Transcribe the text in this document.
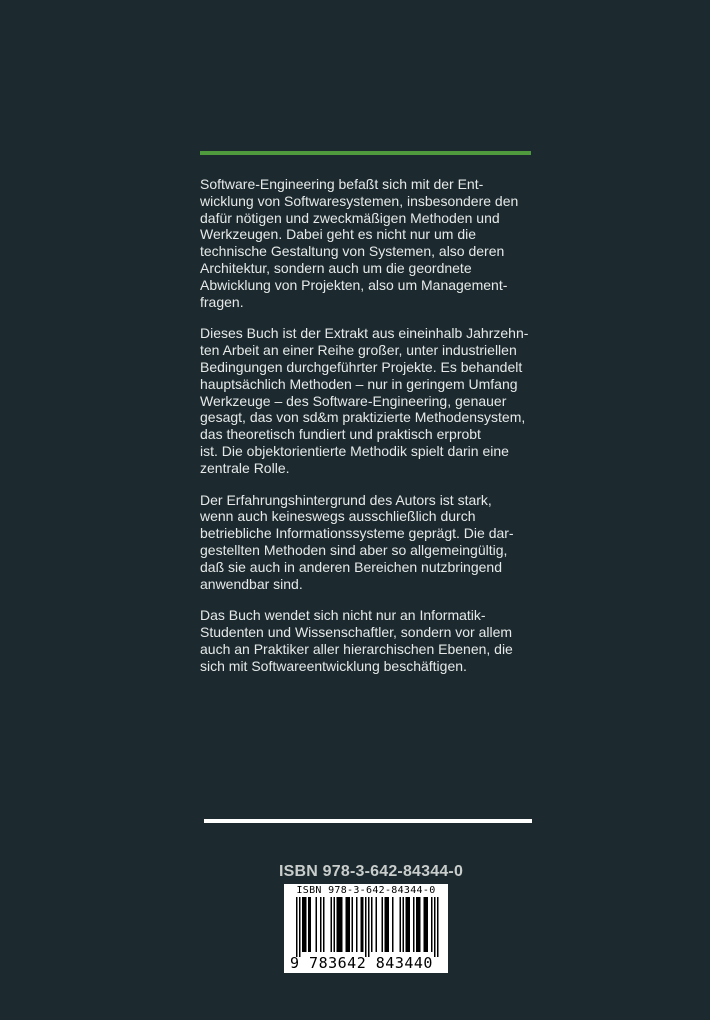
Software-Engineering befaßt sich mit der Ent-
wicklung von Softwaresystemen, insbesondere den
dafür nötigen und zweckmäßigen Methoden und
Werkzeugen. Dabei geht es nicht nur um die
technische Gestaltung von Systemen, also deren
Architektur, sondern auch um die geordnete
Abwicklung von Projekten, also um Management-
fragen.

Dieses Buch ist der Extrakt aus eineinhalb Jahrzehn-
ten Arbeit an einer Reihe großer, unter industriellen
Bedingungen durchgeführter Projekte. Es behandelt
hauptsächlich Methoden – nur in geringem Umfang
Werkzeuge – des Software-Engineering, genauer
gesagt, das von sd&m praktizierte Methodensystem,
das theoretisch fundiert und praktisch erprobt
ist. Die objektorientierte Methodik spielt darin eine
zentrale Rolle.

Der Erfahrungshintergrund des Autors ist stark,
wenn auch keineswegs ausschließlich durch
betriebliche Informationssysteme geprägt. Die dar-
gestellten Methoden sind aber so allgemeingültig,
daß sie auch in anderen Bereichen nutzbringend
anwendbar sind.

Das Buch wendet sich nicht nur an Informatik-
Studenten und Wissenschaftler, sondern vor allem
auch an Praktiker aller hierarchischen Ebenen, die
sich mit Softwareentwicklung beschäftigen.

ISBN 978-3-642-84344-0
ISBN 978-3-642-84344-0
9 783642 843440
